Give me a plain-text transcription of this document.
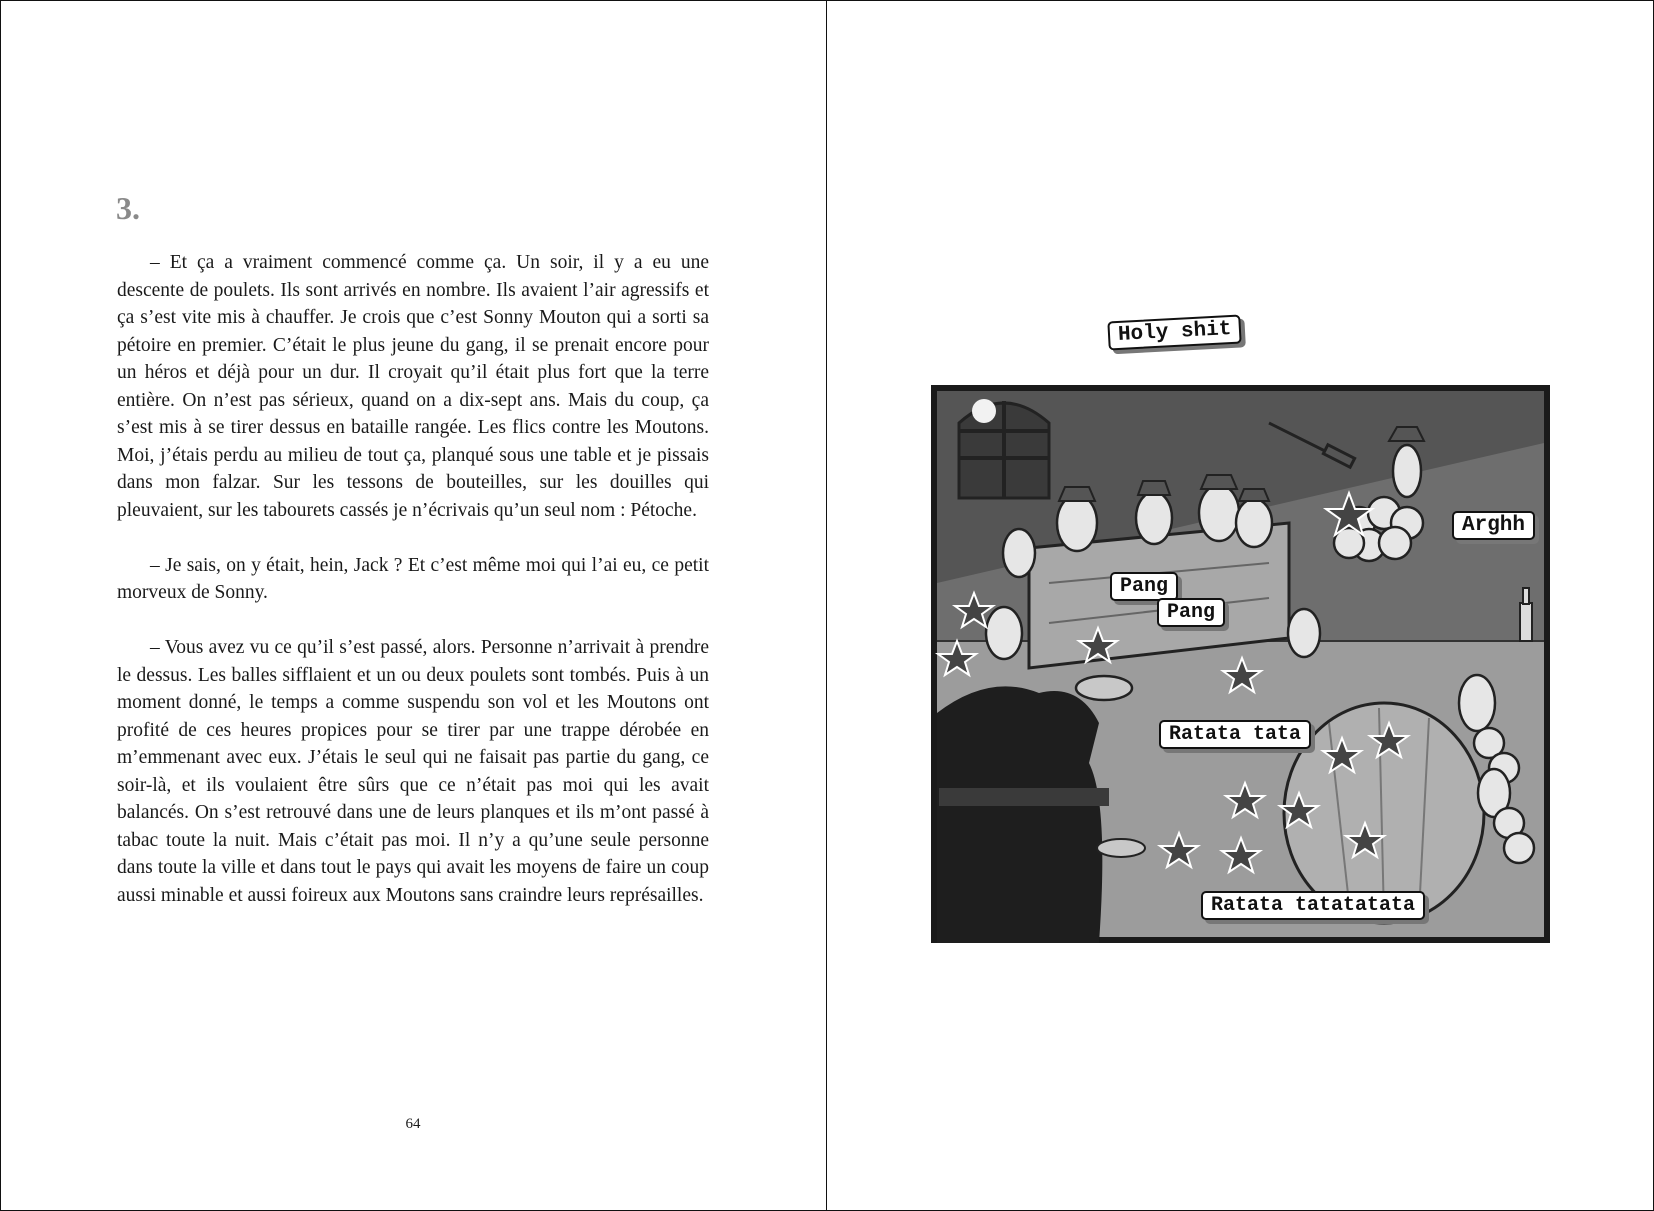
3.

– Et ça a vraiment commencé comme ça. Un soir, il y a eu une descente de poulets. Ils sont arrivés en nombre. Ils avaient l’air agressifs et ça s’est vite mis à chauffer. Je crois que c’est Sonny Mouton qui a sorti sa pétoire en premier. C’était le plus jeune du gang, il se prenait encore pour un héros et déjà pour un dur. Il croyait qu’il était plus fort que la terre entière. On n’est pas sérieux, quand on a dix-sept ans. Mais du coup, ça s’est mis à se tirer dessus en bataille rangée. Les flics contre les Moutons. Moi, j’étais perdu au milieu de tout ça, planqué sous une table et je pissais dans mon falzar. Sur les tessons de bouteilles, sur les douilles qui pleuvaient, sur les tabourets cassés je n’écrivais qu’un seul nom : Pétoche.

– Je sais, on y était, hein, Jack ? Et c’est même moi qui l’ai eu, ce petit morveux de Sonny.

– Vous avez vu ce qu’il s’est passé, alors. Personne n’arrivait à prendre le dessus. Les balles sifflaient et un ou deux poulets sont tombés. Puis à un moment donné, le temps a comme suspendu son vol et les Moutons ont profité de ces heures propices pour se tirer par une trappe dérobée en m’emmenant avec eux. J’étais le seul qui ne faisait pas partie du gang, ce soir-là, et ils voulaient être sûrs que ce n’était pas moi qui les avait balancés. On s’est retrouvé dans une de leurs planques et ils m’ont passé à tabac toute la nuit. Mais c’était pas moi. Il n’y a qu’une seule personne dans toute la ville et dans tout le pays qui avait les moyens de faire un coup aussi minable et aussi foireux aux Moutons sans craindre leurs représailles.

64
Holy shit
Arghh
Pang
Pang
Ratata tata
Ratata tatatatata
